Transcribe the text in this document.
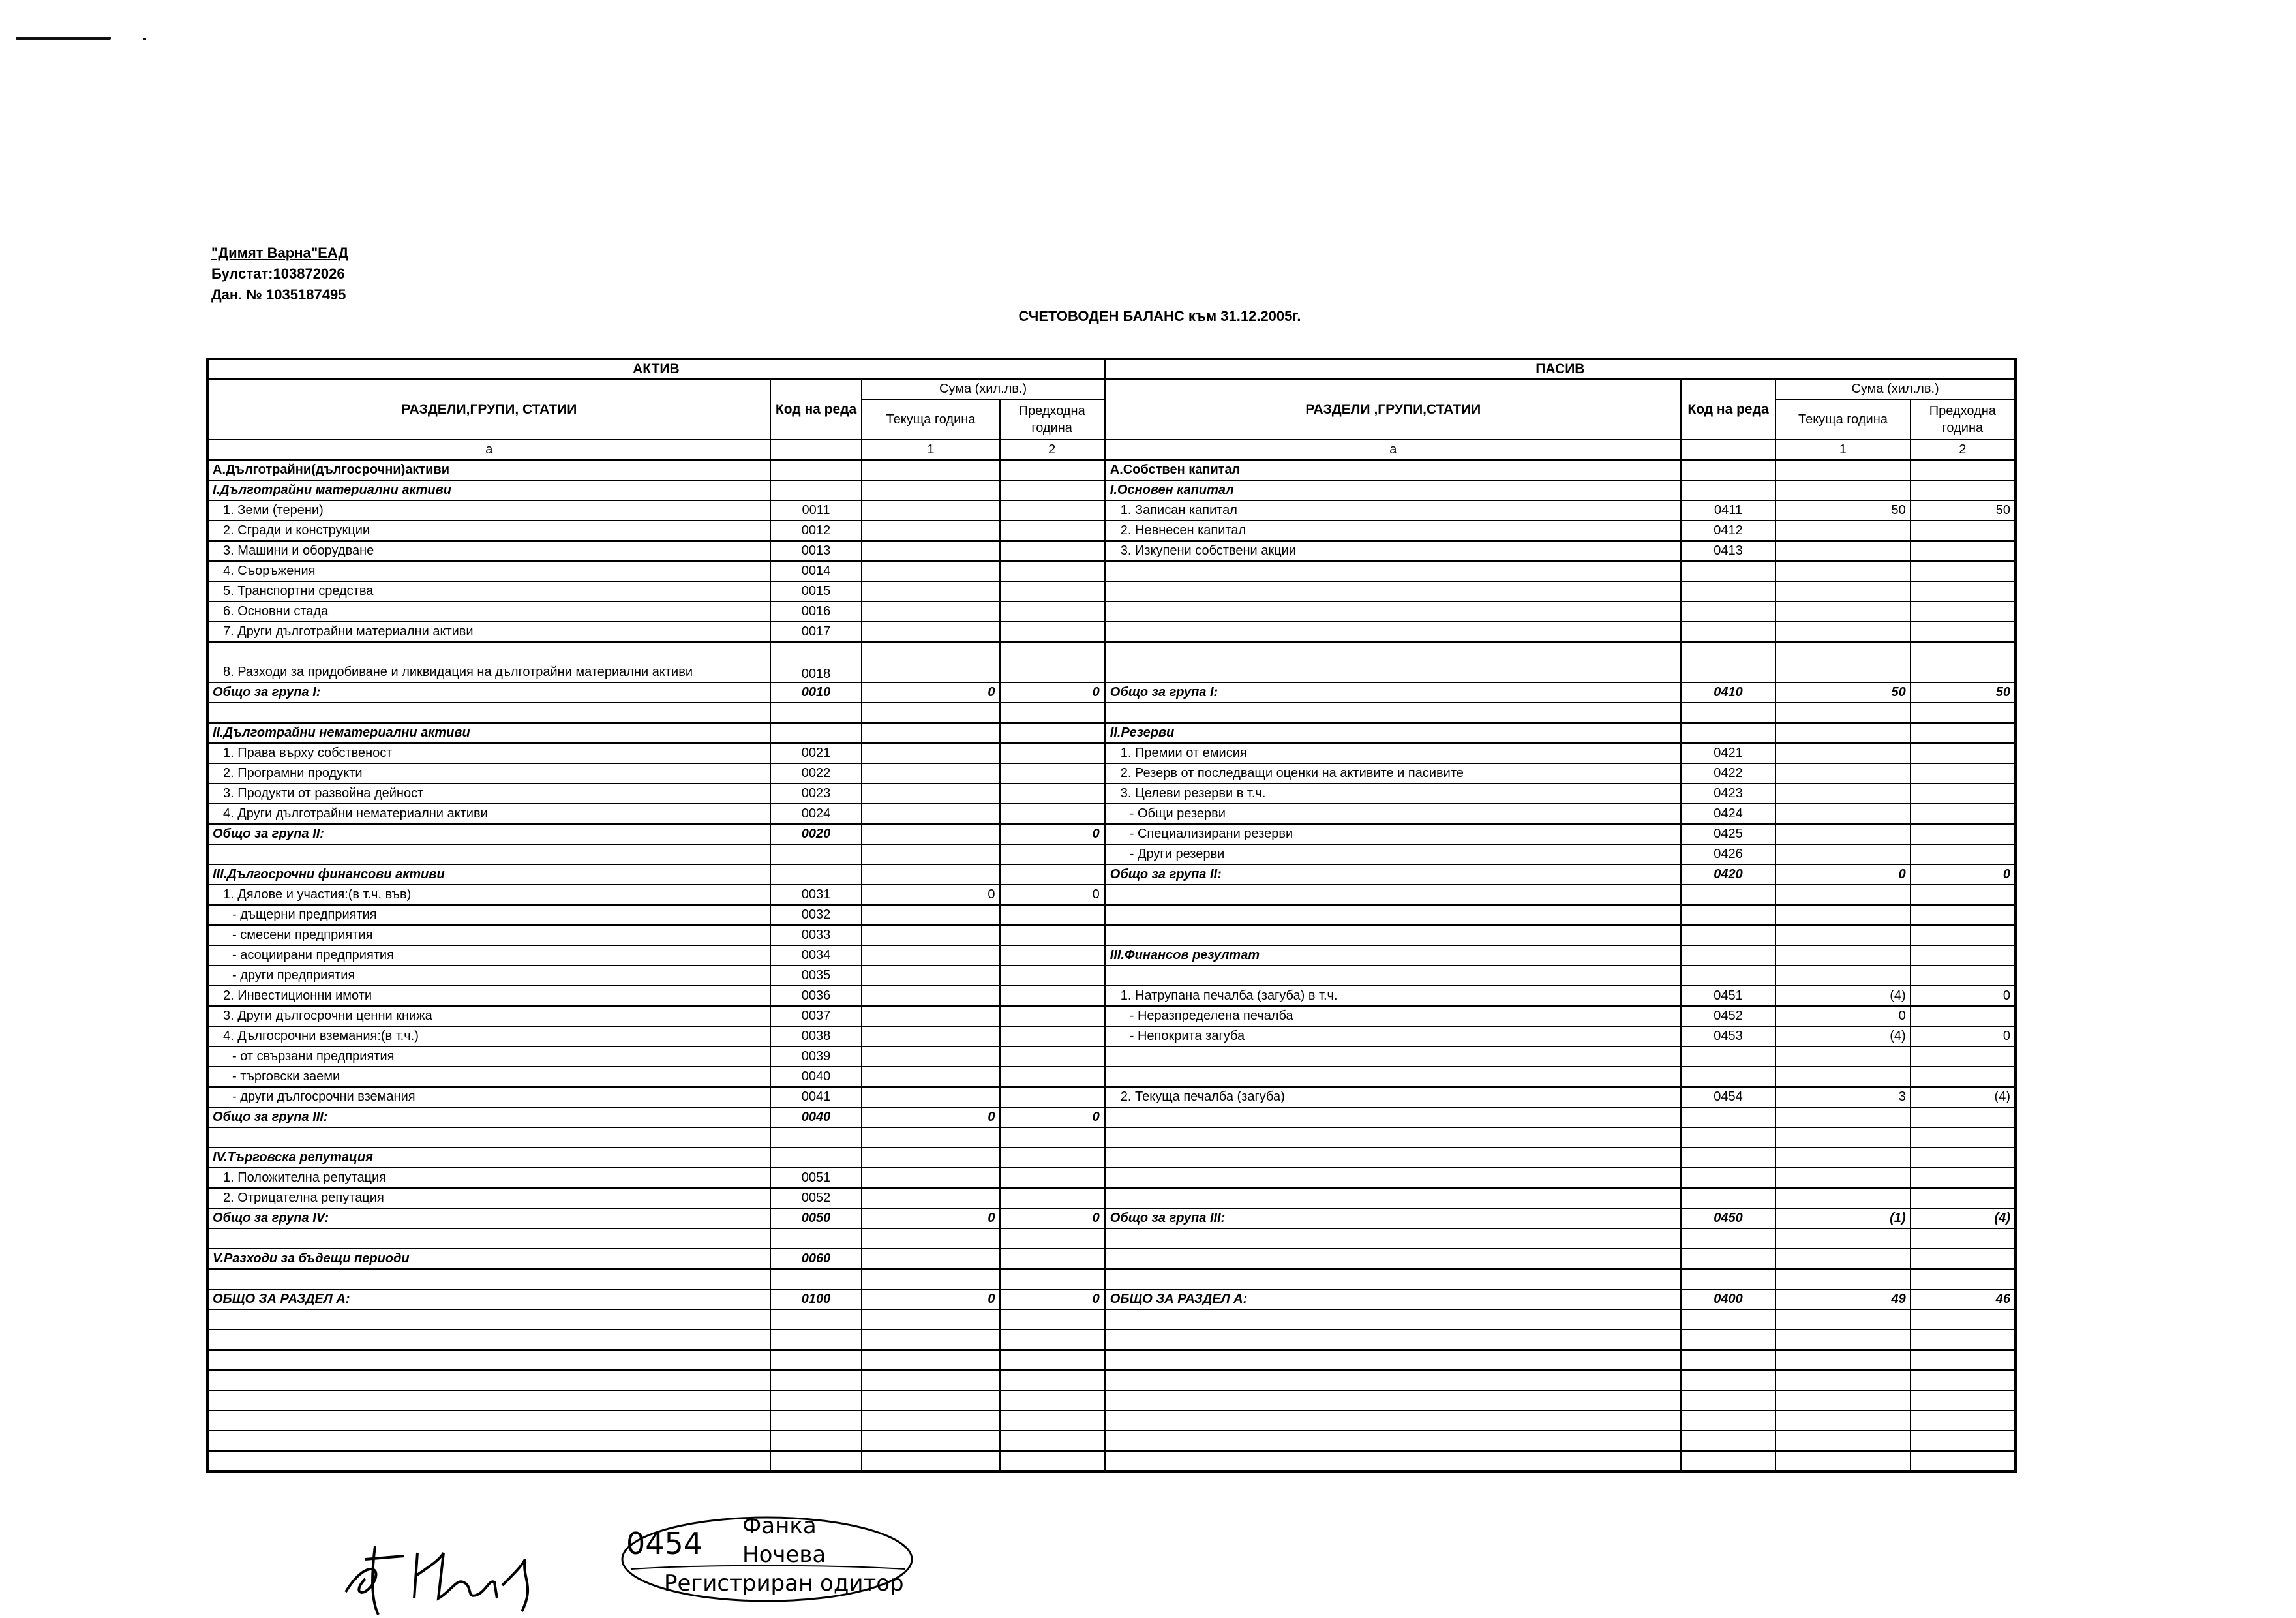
"Димят Варна"ЕАД
Булстат:103872026
Дан. № 1035187495
СЧЕТОВОДЕН БАЛАНС към 31.12.2005г.
АКТИВ				ПАСИВ			
РАЗДЕЛИ,ГРУПИ, СТАТИИ	Код на реда	Сума (хил.лв.)		РАЗДЕЛИ ,ГРУПИ,СТАТИИ	Код на реда	Сума (хил.лв.)	
		Текуща година	Предходна година			Текуща година	Предходна година
а		1	2	а		1	2
А.Дълготрайни(дългосрочни)активи				А.Собствен капитал			
I.Дълготрайни материални активи				I.Основен капитал			
1. Земи (терени)	0011			1. Записан капитал	0411	50	50
2. Сгради и конструкции	0012			2. Невнесен капитал	0412		
3. Машини и оборудване	0013			3. Изкупени собствени акции	0413		
4. Съоръжения	0014						
5. Транспортни средства	0015						
6. Основни стада	0016						
7. Други дълготрайни материални активи	0017						
8. Разходи за придобиване и ликвидация на дълготрайни материални активи	0018						
Общо за група I:	0010	0	0	Общо за група I:	0410	50	50

II.Дълготрайни нематериални активи				II.Резерви			
1. Права върху собственост	0021			1. Премии от емисия	0421		
2. Програмни продукти	0022			2. Резерв от последващи оценки на активите и пасивите	0422		
3. Продукти от развойна дейност	0023			3. Целеви резерви в т.ч.	0423		
4. Други дълготрайни нематериални активи	0024			- Общи резерви	0424		
Общо за група II:	0020		0	- Специализирани резерви	0425		
				- Други резерви	0426		
III.Дългосрочни финансови активи				Общо за група II:	0420	0	0
1. Дялове и участия:(в т.ч. във)	0031	0	0				
- дъщерни предприятия	0032						
- смесени предприятия	0033						
- асоциирани предприятия	0034			III.Финансов резултат			
- други предприятия	0035						
2. Инвестиционни имоти	0036			1. Натрупана печалба (загуба) в т.ч.	0451	(4)	0
3. Други дългосрочни ценни книжа	0037			- Неразпределена печалба	0452	0	
4. Дългосрочни вземания:(в т.ч.)	0038			- Непокрита загуба	0453	(4)	0
- от свързани предприятия	0039						
- търговски заеми	0040						
- други дългосрочни вземания	0041			2. Текуща печалба (загуба)	0454	3	(4)
Общо за група III:	0040	0	0				

IV.Търговска репутация							
1. Положителна репутация	0051						
2. Отрицателна репутация	0052						
Общо за група IV:	0050	0	0	Общо за група III:	0450	(1)	(4)

V.Разходи за бъдещи периоди	0060						

ОБЩО ЗА РАЗДЕЛ А:	0100	0	0	ОБЩО ЗА РАЗДЕЛ А:	0400	49	46

0454 Фанка
Ночева
Регистриран одитор
